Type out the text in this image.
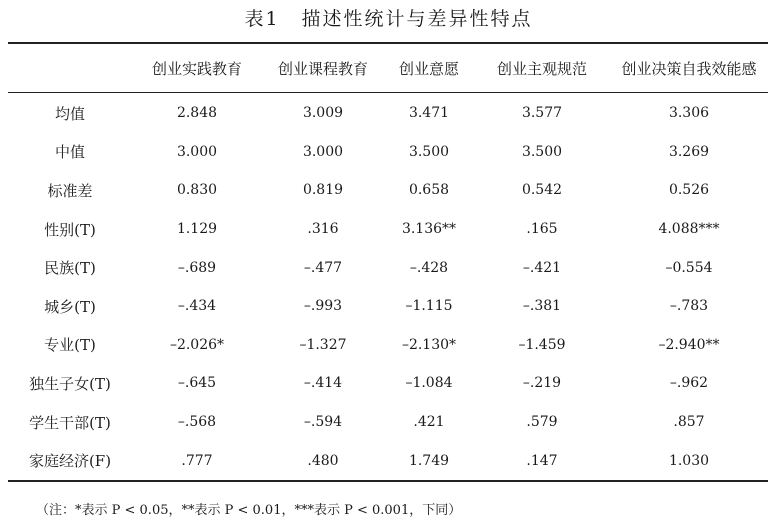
表1 描述性统计与差异性特点
	创业实践教育	创业课程教育	创业意愿	创业主观规范	创业决策自我效能感
均值	2.848	3.009	3.471	3.577	3.306
中值	3.000	3.000	3.500	3.500	3.269
标准差	0.830	0.819	0.658	0.542	0.526
性别(T)	1.129	.316	3.136**	.165	4.088***
民族(T)	–.689	–.477	–.428	–.421	–0.554
城乡(T)	–.434	–.993	–1.115	–.381	–.783
专业(T)	–2.026*	–1.327	–2.130*	–1.459	–2.940**
独生子女(T)	–.645	–.414	–1.084	–.219	–.962
学生干部(T)	–.568	–.594	.421	.579	.857
家庭经济(F)	.777	.480	1.749	.147	1.030
（注：*表示 P < 0.05，**表示 P < 0.01，***表示 P < 0.001，下同）
